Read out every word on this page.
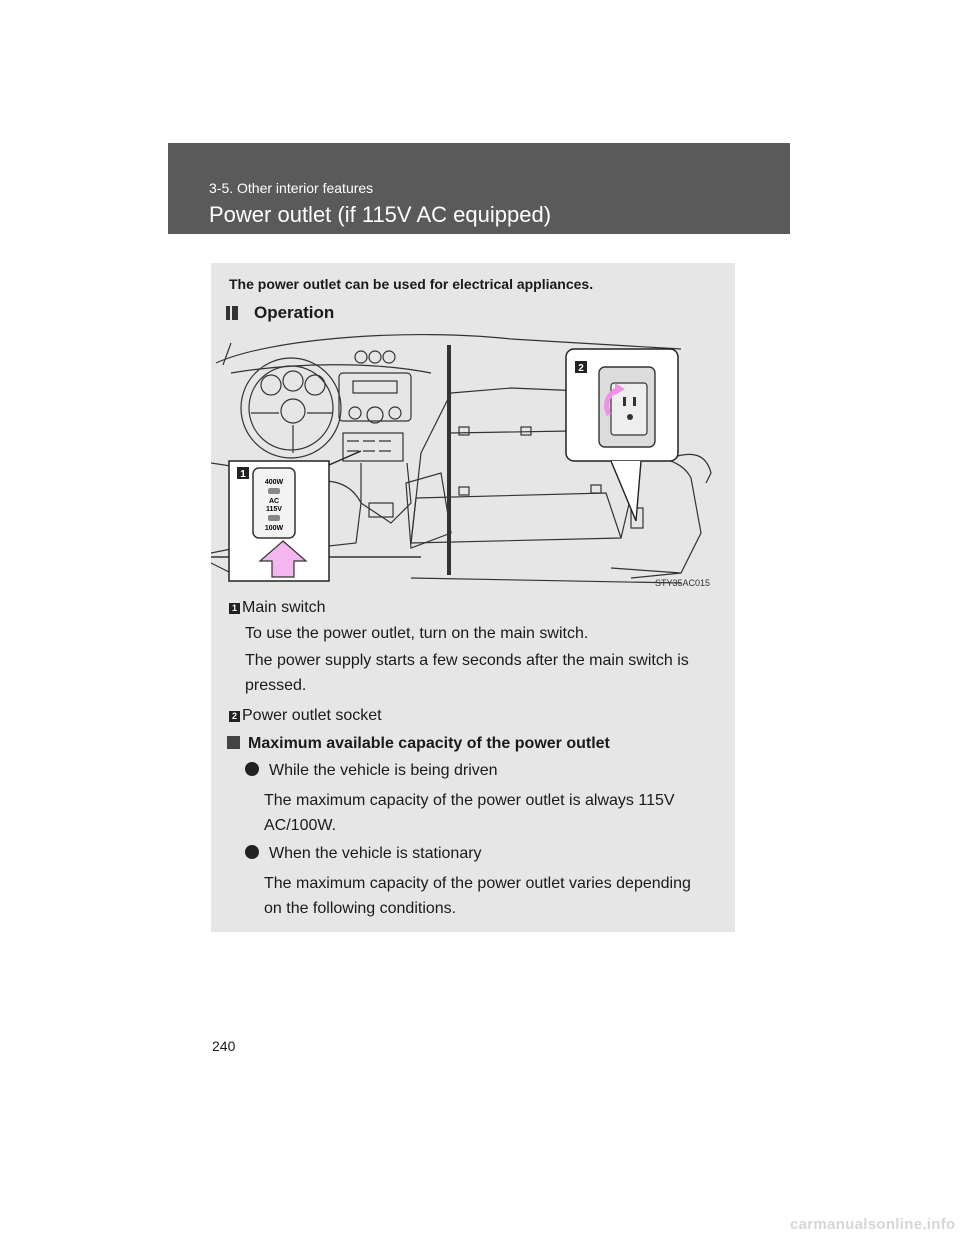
3-5. Other interior features
Power outlet (if 115V AC equipped)
The power outlet can be used for electrical appliances.
Operation
400W
AC
115V
100W
1
2
STY35AC015
1 Main switch
To use the power outlet, turn on the main switch.
The power supply starts a few seconds after the main switch is
pressed.
2 Power outlet socket
Maximum available capacity of the power outlet
While the vehicle is being driven
The maximum capacity of the power outlet is always 115V
AC/100W.
When the vehicle is stationary
The maximum capacity of the power outlet varies depending
on the following conditions.
240
carmanualsonline.info
